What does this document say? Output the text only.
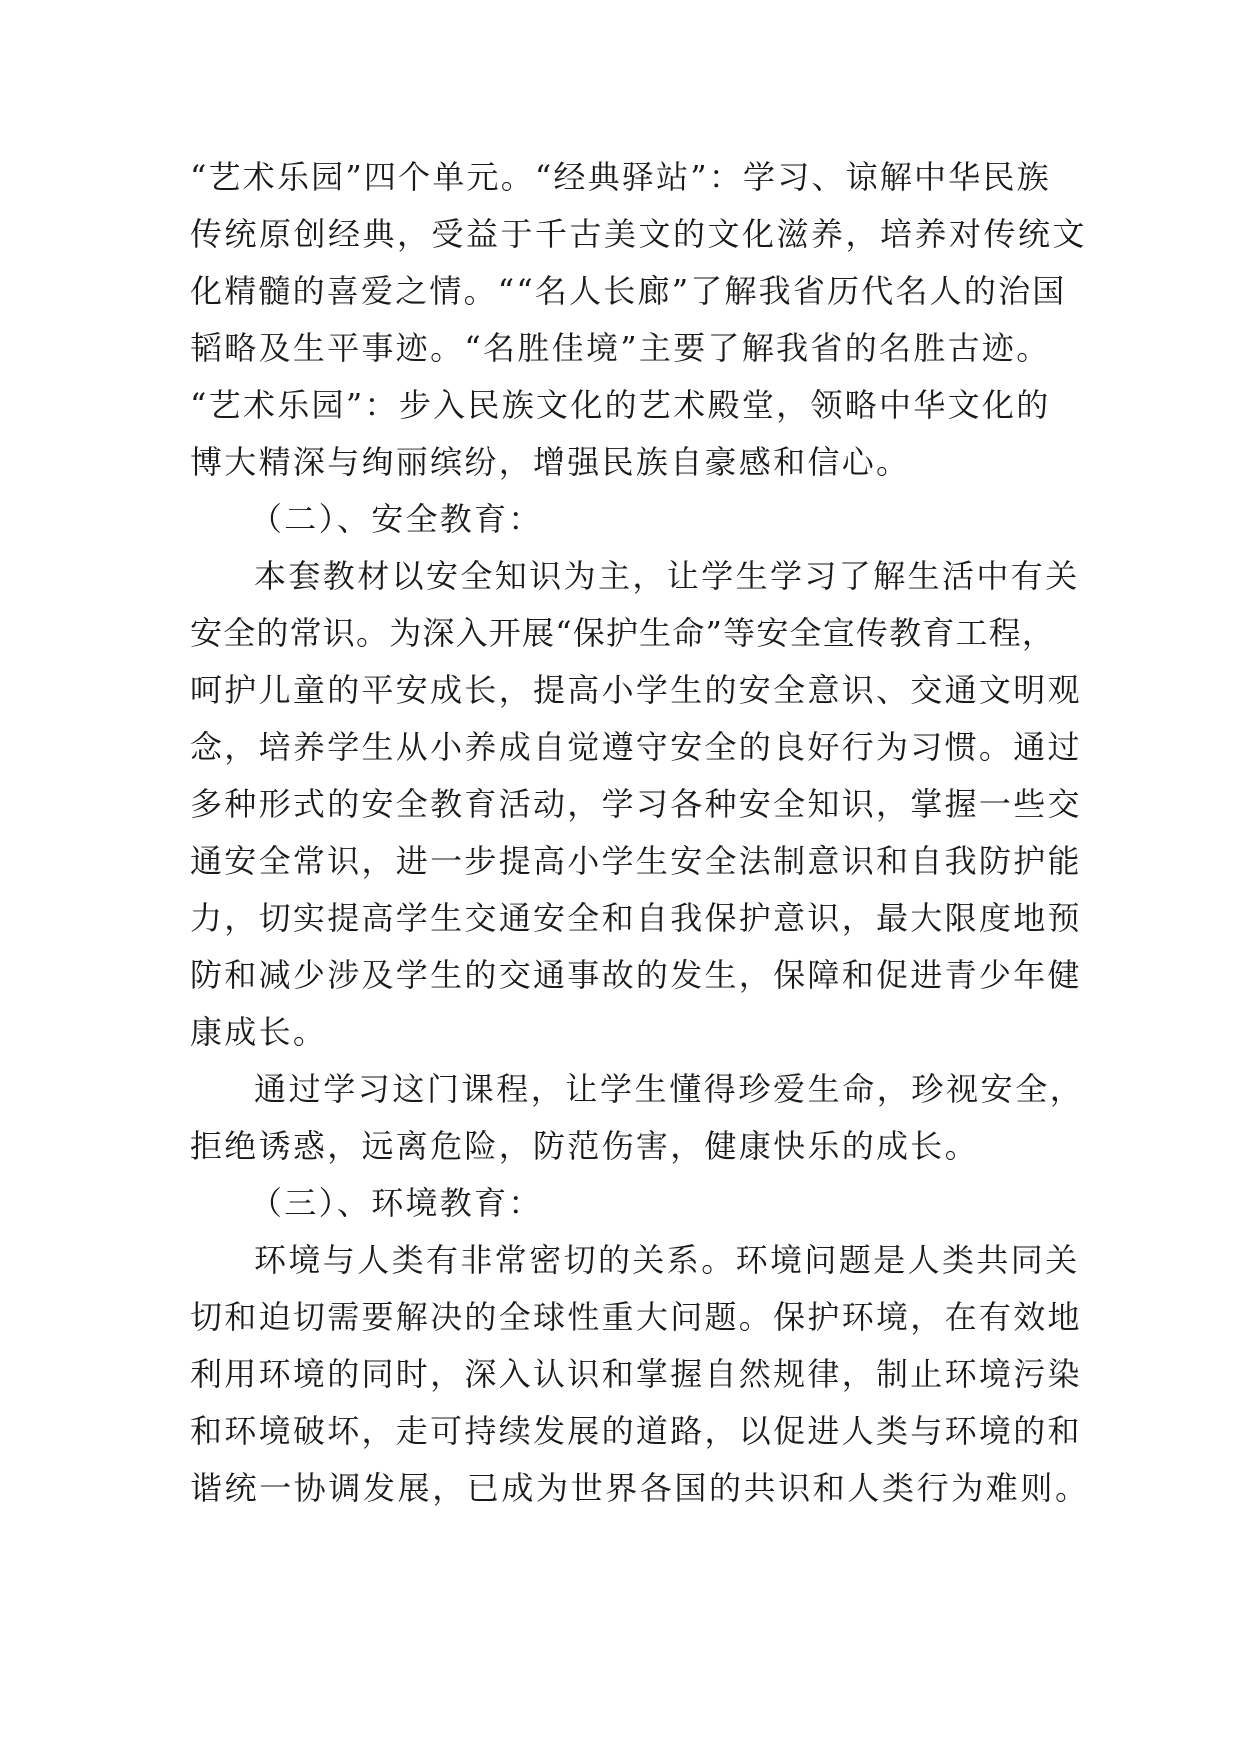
“艺术乐园”四个单元。“经典驿站”：学习、谅解中华民族
传统原创经典，受益于千古美文的文化滋养，培养对传统文
化精髓的喜爱之情。““名人长廊”了解我省历代名人的治国
韬略及生平事迹。“名胜佳境”主要了解我省的名胜古迹。
“艺术乐园”：步入民族文化的艺术殿堂，领略中华文化的
博大精深与绚丽缤纷，增强民族自豪感和信心。
（二）、安全教育：
本套教材以安全知识为主，让学生学习了解生活中有关
安全的常识。为深入开展“保护生命”等安全宣传教育工程，
呵护儿童的平安成长，提高小学生的安全意识、交通文明观
念，培养学生从小养成自觉遵守安全的良好行为习惯。通过
多种形式的安全教育活动，学习各种安全知识，掌握一些交
通安全常识，进一步提高小学生安全法制意识和自我防护能
力，切实提高学生交通安全和自我保护意识，最大限度地预
防和减少涉及学生的交通事故的发生，保障和促进青少年健
康成长。
通过学习这门课程，让学生懂得珍爱生命，珍视安全，
拒绝诱惑，远离危险，防范伤害，健康快乐的成长。
（三）、环境教育：
环境与人类有非常密切的关系。环境问题是人类共同关
切和迫切需要解决的全球性重大问题。保护环境，在有效地
利用环境的同时，深入认识和掌握自然规律，制止环境污染
和环境破坏，走可持续发展的道路，以促进人类与环境的和
谐统一协调发展，已成为世界各国的共识和人类行为难则。
